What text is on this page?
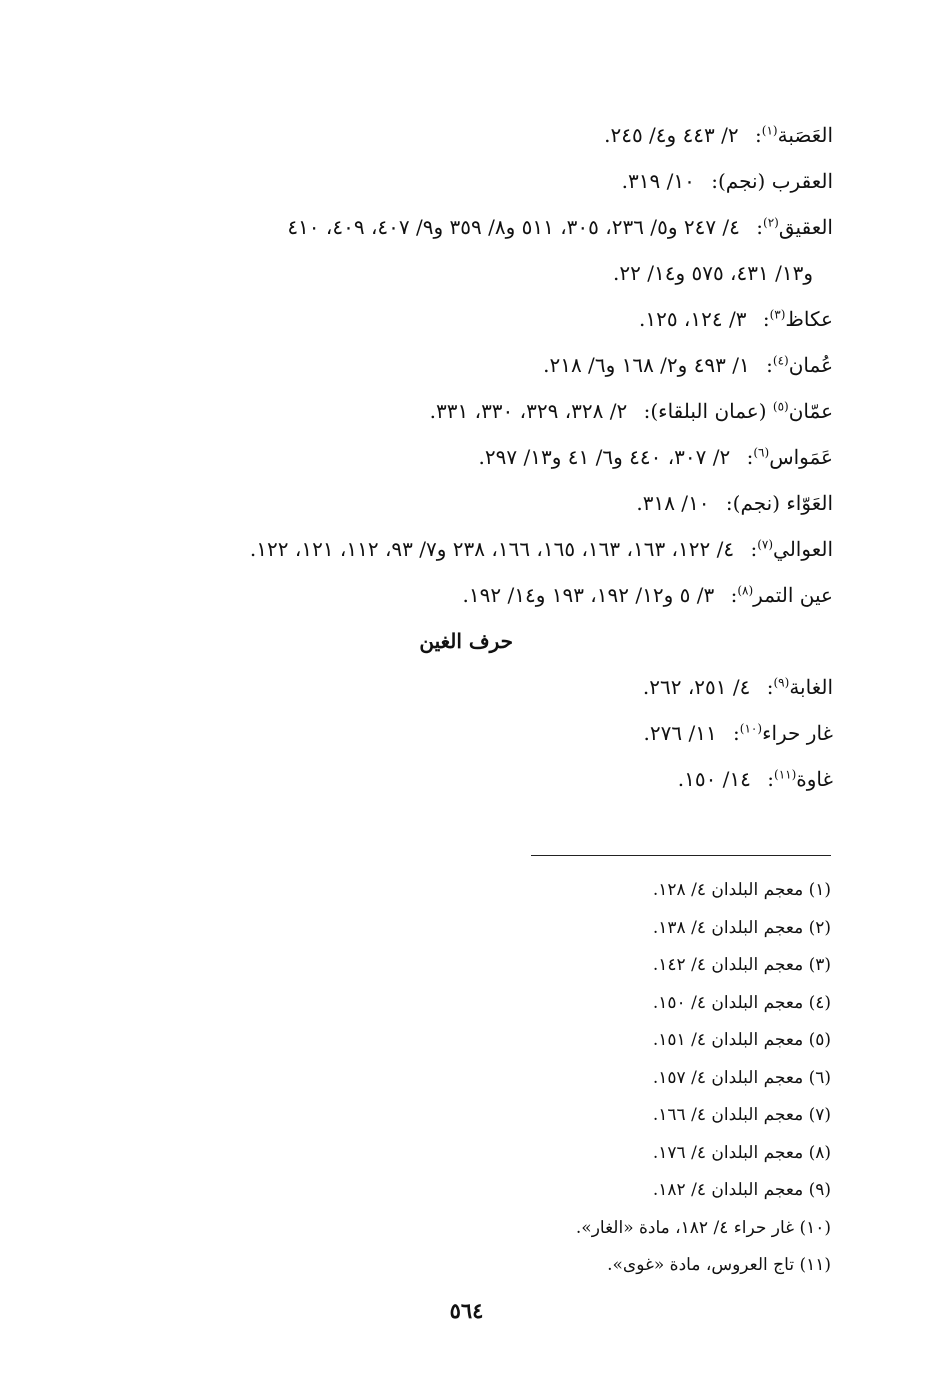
العَصَبة$^{(١)}$: ٢/ ٤٤٣ و٤/ ٢٤٥.
العقرب (نجم): ١٠/ ٣١٩.
العقيق$^{(٢)}$: ٤/ ٢٤٧ و٥/ ٢٣٦، ٣٠٥، ٥١١ و٨/ ٣٥٩ و٩/ ٤٠٧، ٤٠٩، ٤١٠
و١٣/ ٤٣١، ٥٧٥ و١٤/ ٢٢.
عكاظ$^{(٣)}$: ٣/ ١٢٤، ١٢٥.
عُمان$^{(٤)}$: ١/ ٤٩٣ و٢/ ١٦٨ و٦/ ٢١٨.
عمّان$^{(٥)}$ (عمان البلقاء): ٢/ ٣٢٨، ٣٢٩، ٣٣٠، ٣٣١.
عَمَواس$^{(٦)}$: ٢/ ٣٠٧، ٤٤٠ و٦/ ٤١ و١٣/ ٢٩٧.
العَوّاء (نجم): ١٠/ ٣١٨.
العوالي$^{(٧)}$: ٤/ ١٢٢، ١٦٣، ١٦٣، ١٦٥، ١٦٦، ٢٣٨ و٧/ ٩٣، ١١٢، ١٢١، ١٢٢.
عين التمر$^{(٨)}$: ٣/ ٥ و١٢/ ١٩٢، ١٩٣ و١٤/ ١٩٢.
حرف الغين
الغابة$^{(٩)}$: ٤/ ٢٥١، ٢٦٢.
غار حراء$^{(١٠)}$: ١١/ ٢٧٦.
غاوة$^{(١١)}$: ١٤/ ١٥٠.
(١) معجم البلدان ٤/ ١٢٨.
(٢) معجم البلدان ٤/ ١٣٨.
(٣) معجم البلدان ٤/ ١٤٢.
(٤) معجم البلدان ٤/ ١٥٠.
(٥) معجم البلدان ٤/ ١٥١.
(٦) معجم البلدان ٤/ ١٥٧.
(٧) معجم البلدان ٤/ ١٦٦.
(٨) معجم البلدان ٤/ ١٧٦.
(٩) معجم البلدان ٤/ ١٨٢.
(١٠) غار حراء ٤/ ١٨٢، مادة «الغار».
(١١) تاج العروس، مادة «غوى».
٥٦٤
